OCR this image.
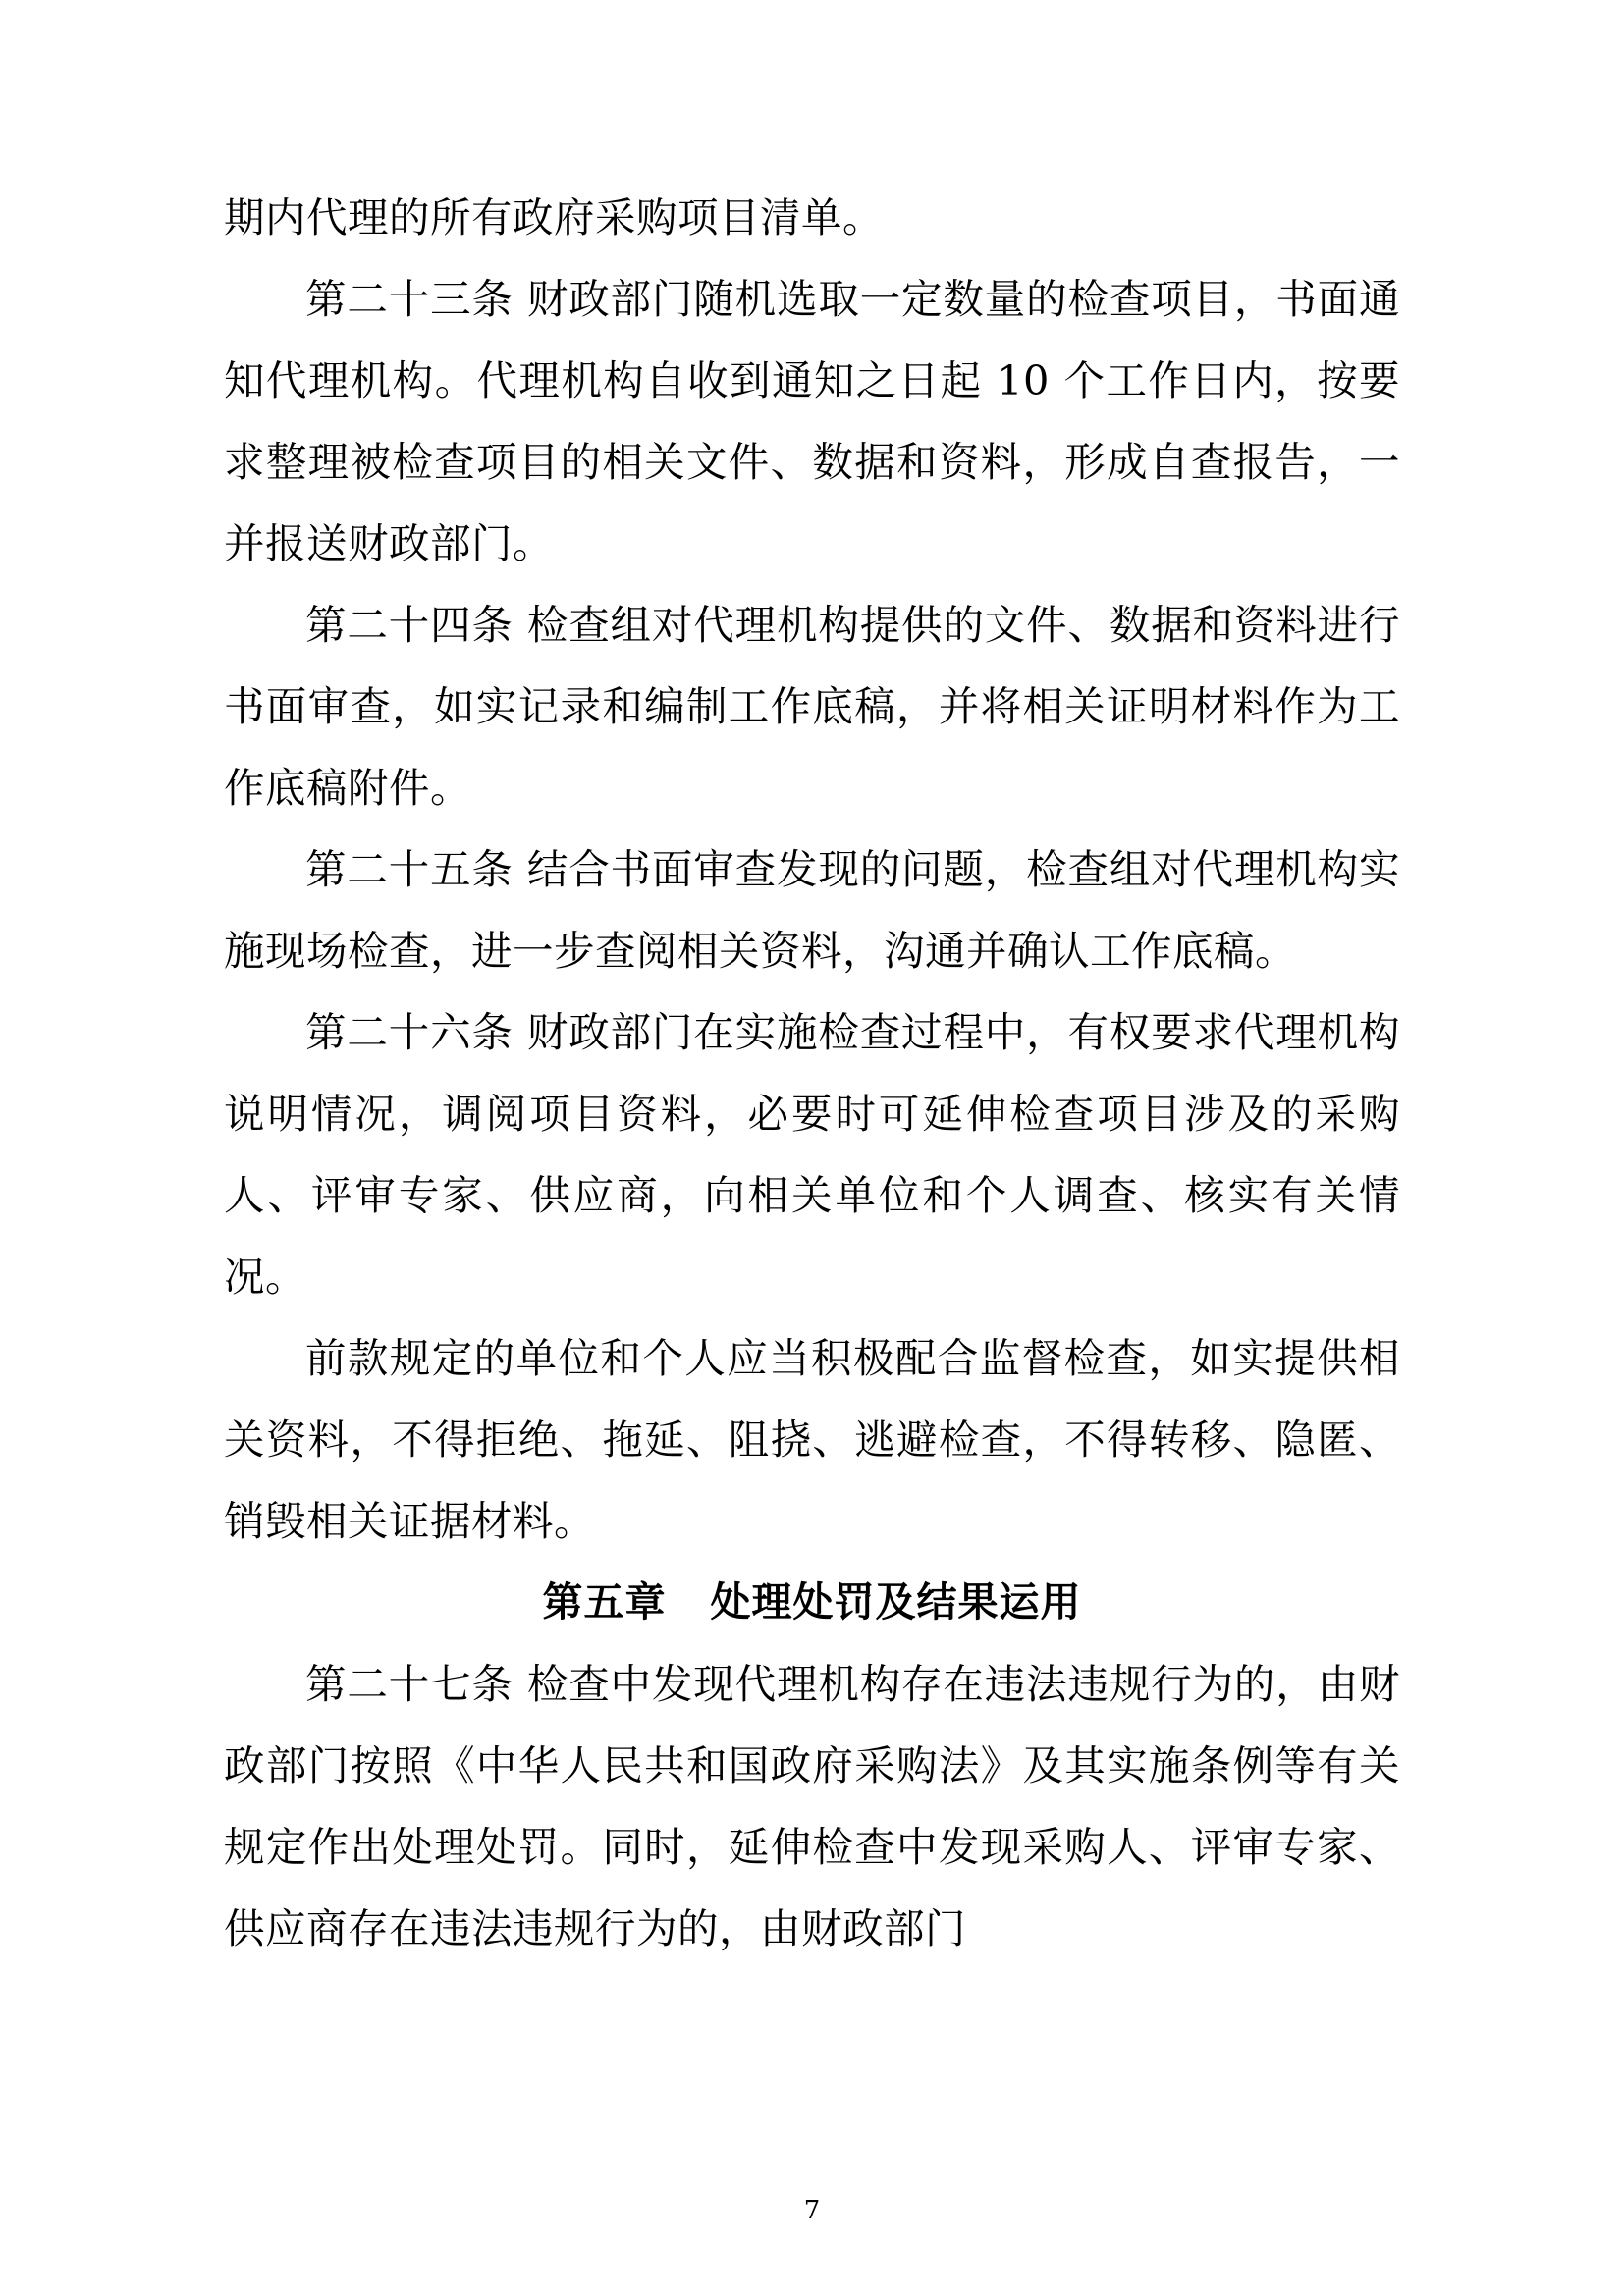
期内代理的所有政府采购项目清单。

第二十三条 财政部门随机选取一定数量的检查项目，书面通知代理机构。代理机构自收到通知之日起 10 个工作日内，按要求整理被检查项目的相关文件、数据和资料，形成自查报告，一并报送财政部门。

第二十四条 检查组对代理机构提供的文件、数据和资料进行书面审查，如实记录和编制工作底稿，并将相关证明材料作为工作底稿附件。

第二十五条 结合书面审查发现的问题，检查组对代理机构实施现场检查，进一步查阅相关资料，沟通并确认工作底稿。

第二十六条 财政部门在实施检查过程中，有权要求代理机构说明情况，调阅项目资料，必要时可延伸检查项目涉及的采购人、评审专家、供应商，向相关单位和个人调查、核实有关情况。

前款规定的单位和个人应当积极配合监督检查，如实提供相关资料，不得拒绝、拖延、阻挠、逃避检查，不得转移、隐匿、销毁相关证据材料。

第五章 处理处罚及结果运用

第二十七条 检查中发现代理机构存在违法违规行为的，由财政部门按照《中华人民共和国政府采购法》及其实施条例等有关规定作出处理处罚。同时，延伸检查中发现采购人、评审专家、供应商存在违法违规行为的，由财政部门

7
